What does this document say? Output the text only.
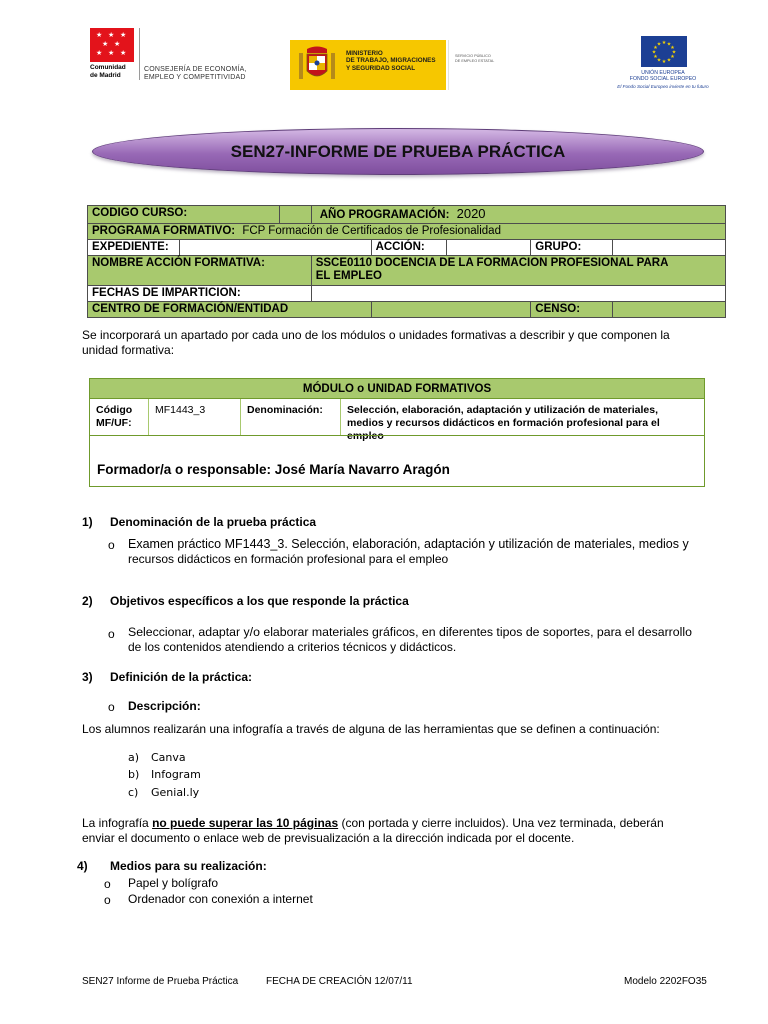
★ ★ ★
★ ★
★ ★ ★
Comunidad
de Madrid
CONSEJERÍA DE ECONOMÍA,
EMPLEO Y COMPETITIVIDAD
MINISTERIO
DE TRABAJO, MIGRACIONES
Y SEGURIDAD SOCIAL
SERVICIO PÚBLICO
DE EMPLEO ESTATAL
★ ★
★
★
★
★
★
★
★
★
★
★
UNIÓN EUROPEA
FONDO SOCIAL EUROPEO
El Fondo Social Europeo invierte en tu futuro
SEN27-INFORME DE PRUEBA PRÁCTICA
CODIGO CURSO:			AÑO PROGRAMACIÓN: 2020				
PROGRAMA FORMATIVO: FCP Formación de Certificados de Profesionalidad							
EXPEDIENTE:				ACCIÓN:		GRUPO:	
NOMBRE ACCIÓN FORMATIVA:			SSCE0110 DOCENCIA DE LA FORMACION PROFESIONAL PARA
EL EMPLEO				

FECHAS DE IMPARTICION:							
CENTRO DE FORMACIÓN/ENTIDAD						CENSO:	
Se incorporará un apartado por cada uno de los módulos o unidades formativas a describir y que componen la
unidad formativa:
MÓDULO o UNIDAD FORMATIVOS
Código
MF/UF:
MF1443_3	Denominación:	Selección, elaboración, adaptación y utilización de materiales,
medios y recursos didácticos en formación profesional para el
empleo
Formador/a o responsable: José María Navarro Aragón
1) Denominación de la prueba práctica
o Examen práctico MF1443_3. Selección, elaboración, adaptación y utilización de materiales, medios y
recursos didácticos en formación profesional para el empleo
2) Objetivos específicos a los que responde la práctica
o Seleccionar, adaptar y/o elaborar materiales gráficos, en diferentes tipos de soportes, para el desarrollo
de los contenidos atendiendo a criterios técnicos y didácticos.
3) Definición de la práctica:
o Descripción:
Los alumnos realizarán una infografía a través de alguna de las herramientas que se definen a continuación:
a) Canva
b) Infogram
c) Genial.ly
La infografía no puede superar las 10 páginas (con portada y cierre incluidos). Una vez terminada, deberán
enviar el documento o enlace web de previsualización a la dirección indicada por el docente.
4) Medios para su realización:
o Papel y bolígrafo
o Ordenador con conexión a internet
SEN27 Informe de Prueba Práctica	FECHA DE CREACIÓN 12/07/11	Modelo 2202FO35
